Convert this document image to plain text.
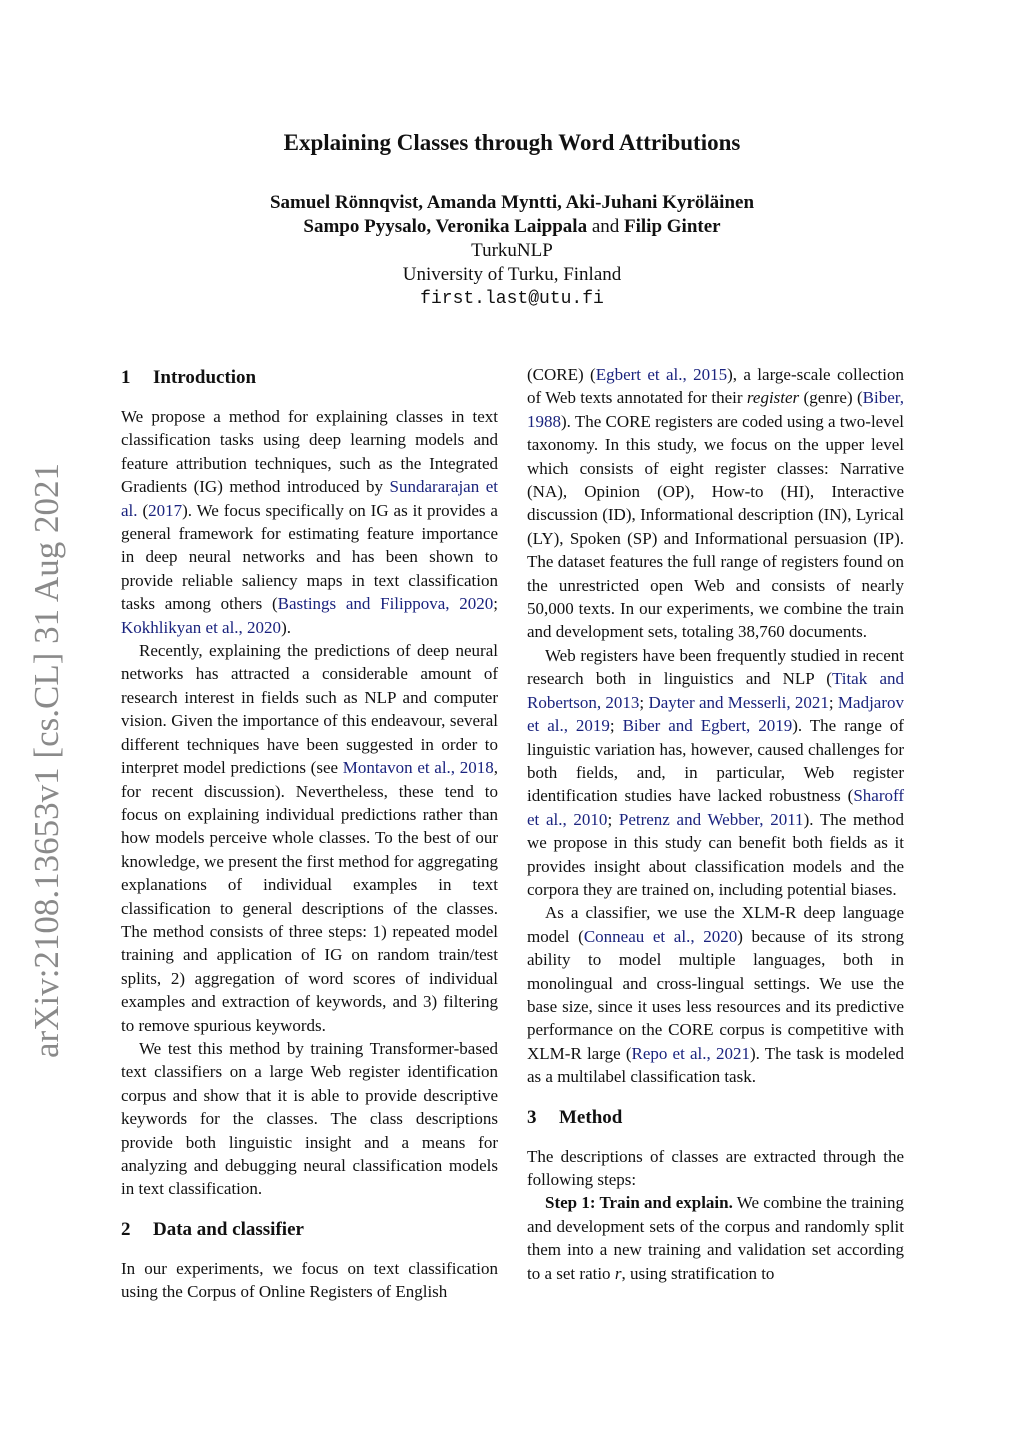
arXiv:2108.13653v1 [cs.CL] 31 Aug 2021
Explaining Classes through Word Attributions
Samuel Rönnqvist, Amanda Myntti, Aki-Juhani Kyröläinen
Sampo Pyysalo, Veronika Laippala and Filip Ginter
TurkuNLP
University of Turku, Finland
first.last@utu.fi
1 Introduction

We propose a method for explaining classes in text classification tasks using deep learning models and feature attribution techniques, such as the Integrated Gradients (IG) method introduced by Sundararajan et al. (2017). We focus specifically on IG as it provides a general framework for estimating feature importance in deep neural networks and has been shown to provide reliable saliency maps in text classification tasks among others (Bastings and Filippova, 2020; Kokhlikyan et al., 2020).

Recently, explaining the predictions of deep neural networks has attracted a considerable amount of research interest in fields such as NLP and computer vision. Given the importance of this endeavour, several different techniques have been suggested in order to interpret model predictions (see Montavon et al., 2018, for recent discussion). Nevertheless, these tend to focus on explaining individual predictions rather than how models perceive whole classes. To the best of our knowledge, we present the first method for aggregating explanations of individual examples in text classification to general descriptions of the classes. The method consists of three steps: 1) repeated model training and application of IG on random train/test splits, 2) aggregation of word scores of individual examples and extraction of keywords, and 3) filtering to remove spurious keywords.

We test this method by training Transformer-based text classifiers on a large Web register identification corpus and show that it is able to provide descriptive keywords for the classes. The class descriptions provide both linguistic insight and a means for analyzing and debugging neural classification models in text classification.

2 Data and classifier

In our experiments, we focus on text classification using the Corpus of Online Registers of English

(CORE) (Egbert et al., 2015), a large-scale collection of Web texts annotated for their register (genre) (Biber, 1988). The CORE registers are coded using a two-level taxonomy. In this study, we focus on the upper level which consists of eight register classes: Narrative (NA), Opinion (OP), How-to (HI), Interactive discussion (ID), Informational description (IN), Lyrical (LY), Spoken (SP) and Informational persuasion (IP). The dataset features the full range of registers found on the unrestricted open Web and consists of nearly 50,000 texts. In our experiments, we combine the train and development sets, totaling 38,760 documents.

Web registers have been frequently studied in recent research both in linguistics and NLP (Titak and Robertson, 2013; Dayter and Messerli, 2021; Madjarov et al., 2019; Biber and Egbert, 2019). The range of linguistic variation has, however, caused challenges for both fields, and, in particular, Web register identification studies have lacked robustness (Sharoff et al., 2010; Petrenz and Webber, 2011). The method we propose in this study can benefit both fields as it provides insight about classification models and the corpora they are trained on, including potential biases.

As a classifier, we use the XLM-R deep language model (Conneau et al., 2020) because of its strong ability to model multiple languages, both in monolingual and cross-lingual settings. We use the base size, since it uses less resources and its predictive performance on the CORE corpus is competitive with XLM-R large (Repo et al., 2021). The task is modeled as a multilabel classification task.

3 Method

The descriptions of classes are extracted through the following steps:

Step 1: Train and explain. We combine the training and development sets of the corpus and randomly split them into a new training and validation set according to a set ratio r, using stratification to
